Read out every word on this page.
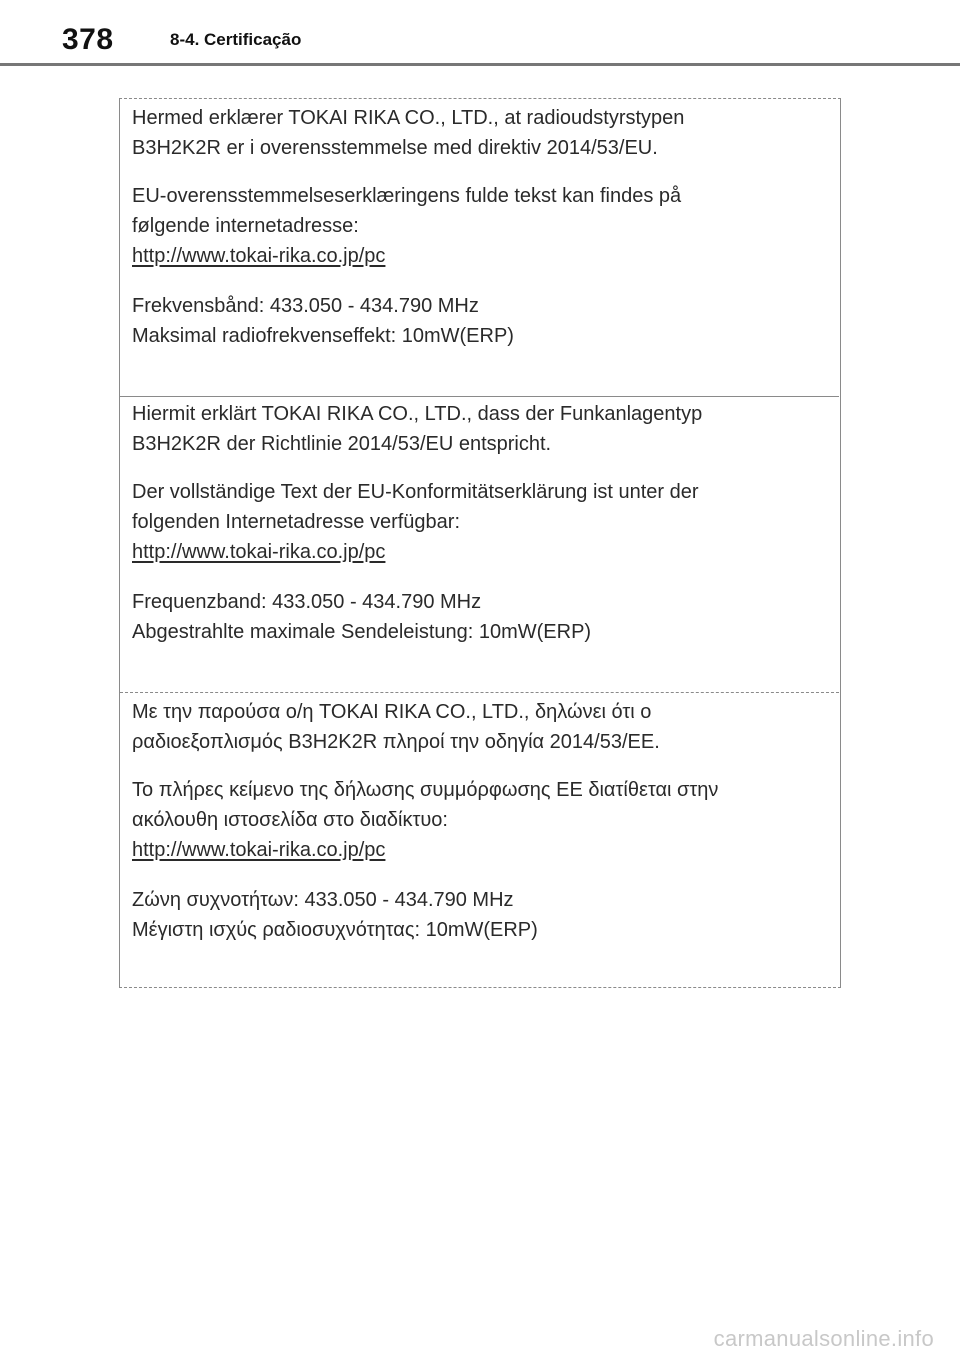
378	8-4. Certificação

Hermed erklærer TOKAI RIKA CO., LTD., at radioudstyrstypen

B3H2K2R er i overensstemmelse med direktiv 2014/53/EU.

EU-overensstemmelseserklæringens fulde tekst kan findes på

følgende internetadresse:

http://www.tokai-rika.co.jp/pc

Frekvensbånd: 433.050 - 434.790 MHz

Maksimal radiofrekvenseffekt: 10mW(ERP)

Hiermit erklärt TOKAI RIKA CO., LTD., dass der Funkanlagentyp

B3H2K2R der Richtlinie 2014/53/EU entspricht.

Der vollständige Text der EU-Konformitätserklärung ist unter der

folgenden Internetadresse verfügbar:

http://www.tokai-rika.co.jp/pc

Frequenzband: 433.050 - 434.790 MHz

Abgestrahlte maximale Sendeleistung: 10mW(ERP)

Με την παρούσα ο/η TOKAI RIKA CO., LTD., δηλώνει ότι ο

ραδιοεξοπλισμός B3H2K2R πληροί την οδηγία 2014/53/ΕΕ.

Το πλήρες κείμενο της δήλωσης συμμόρφωσης ΕΕ διατίθεται στην

ακόλουθη ιστοσελίδα στο διαδίκτυο:

http://www.tokai-rika.co.jp/pc

Ζώνη συχνοτήτων: 433.050 - 434.790 MHz

Μέγιστη ισχύς ραδιοσυχνότητας: 10mW(ERP)

carmanualsonline.info
